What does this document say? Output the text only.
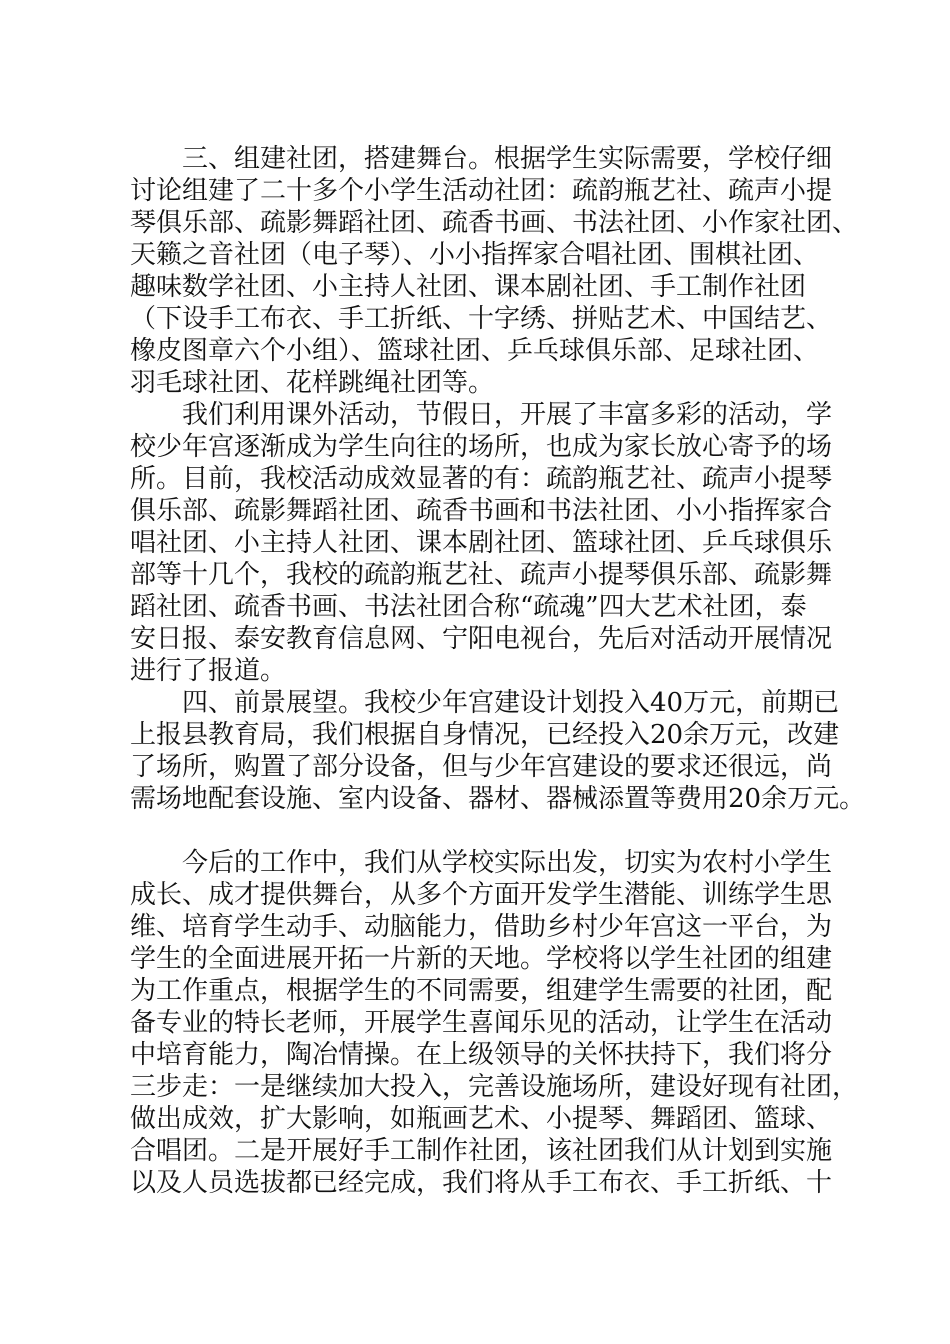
三、组建社团，搭建舞台。根据学生实际需要，学校仔细
讨论组建了二十多个小学生活动社团：疏韵瓶艺社、疏声小提
琴俱乐部、疏影舞蹈社团、疏香书画、书法社团、小作家社团、
天籁之音社团（电子琴）、小小指挥家合唱社团、围棋社团、
趣味数学社团、小主持人社团、课本剧社团、手工制作社团
（下设手工布衣、手工折纸、十字绣、拼贴艺术、中国结艺、
橡皮图章六个小组）、篮球社团、乒乓球俱乐部、足球社团、
羽毛球社团、花样跳绳社团等。
我们利用课外活动，节假日，开展了丰富多彩的活动，学
校少年宫逐渐成为学生向往的场所，也成为家长放心寄予的场
所。目前，我校活动成效显著的有：疏韵瓶艺社、疏声小提琴
俱乐部、疏影舞蹈社团、疏香书画和书法社团、小小指挥家合
唱社团、小主持人社团、课本剧社团、篮球社团、乒乓球俱乐
部等十几个，我校的疏韵瓶艺社、疏声小提琴俱乐部、疏影舞
蹈社团、疏香书画、书法社团合称“疏魂”四大艺术社团，泰
安日报、泰安教育信息网、宁阳电视台，先后对活动开展情况
进行了报道。
四、前景展望。我校少年宫建设计划投入40万元，前期已
上报县教育局，我们根据自身情况，已经投入20余万元，改建
了场所，购置了部分设备，但与少年宫建设的要求还很远，尚
需场地配套设施、室内设备、器材、器械添置等费用20余万元。
今后的工作中，我们从学校实际出发，切实为农村小学生
成长、成才提供舞台，从多个方面开发学生潜能、训练学生思
维、培育学生动手、动脑能力，借助乡村少年宫这一平台，为
学生的全面进展开拓一片新的天地。学校将以学生社团的组建
为工作重点，根据学生的不同需要，组建学生需要的社团，配
备专业的特长老师，开展学生喜闻乐见的活动，让学生在活动
中培育能力，陶冶情操。在上级领导的关怀扶持下，我们将分
三步走：一是继续加大投入，完善设施场所，建设好现有社团，
做出成效，扩大影响，如瓶画艺术、小提琴、舞蹈团、篮球、
合唱团。二是开展好手工制作社团，该社团我们从计划到实施
以及人员选拔都已经完成，我们将从手工布衣、手工折纸、十
